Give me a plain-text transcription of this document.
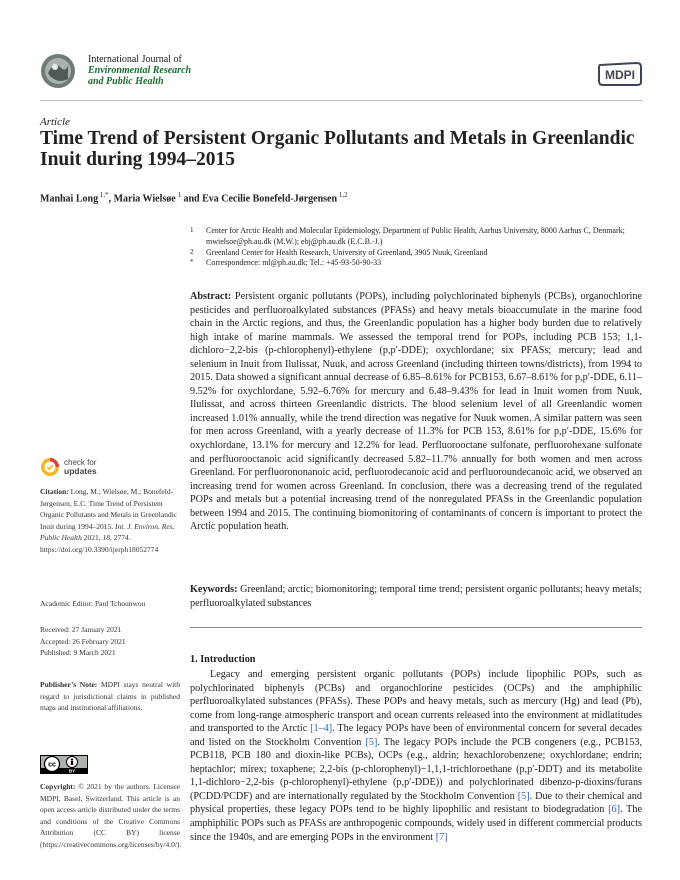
International Journal of
Environmental Research
and Public Health	MDPI
Article
Time Trend of Persistent Organic Pollutants and Metals in Greenlandic Inuit during 1994–2015
Manhai Long $^{1,*}$, Maria Wielsøe $^1$ and Eva Cecilie Bonefeld-Jørgensen $^{1,2}$
1 Center for Arctic Health and Molecular Epidemiology, Department of Public Health, Aarhus University, 8000 Aarhus C, Denmark; mwielsoe@ph.au.dk (M.W.); ebj@ph.au.dk (E.C.B.-J.)
2 Greenland Center for Health Research, University of Greenland, 3905 Nuuk, Greenland
* Correspondence: ml@ph.au.dk; Tel.: +45-93-50-90-33

Abstract: Persistent organic pollutants (POPs), including polychlorinated biphenyls (PCBs), organochlorine pesticides and perfluoroalkylated substances (PFASs) and heavy metals bioaccumulate in the marine food chain in the Arctic regions, and thus, the Greenlandic population has a higher body burden due to relatively high intake of marine mammals. We assessed the temporal trend for POPs, including PCB 153; 1,1-dichloro−2,2-bis (p-chlorophenyl)-ethylene (p,p′-DDE); oxychlordane; six PFASs; mercury; lead and selenium in Inuit from Ilulissat, Nuuk, and across Greenland (including thirteen towns/districts), from 1994 to 2015. Data showed a significant annual decrease of 6.85–8.61% for PCB153, 6.67–8.61% for p,p′-DDE, 6.11–9.52% for oxychlordane, 5.92–6.76% for mercury and 6.48–9.43% for lead in Inuit women from Nuuk, Ilulissat, and across thirteen Greenlandic districts. The blood selenium level of all Greenlandic women increased 1.01% annually, while the trend direction was negative for Nuuk women. A similar pattern was seen for men across Greenland, with a yearly decrease of 11.3% for PCB 153, 8.61% for p,p′-DDE, 15.6% for oxychlordane, 13.1% for mercury and 12.2% for lead. Perfluorooctane sulfonate, perfluorohexane sulfonate and perfluorooctanoic acid significantly decreased 5.82–11.7% annually for both women and men across Greenland. For perfluorononanoic acid, perfluorodecanoic acid and perfluoroundecanoic acid, we observed an increasing trend for women across Greenland. In conclusion, there was a decreasing trend of the regulated POPs and metals but a potential increasing trend of the nonregulated PFASs in the Greenlandic population between 1994 and 2015. The continuing biomonitoring of contaminants of concern is important to protect the Arctic population heath.

Keywords: Greenland; arctic; biomonitoring; temporal time trend; persistent organic pollutants; heavy metals; perfluoroalkylated substances

1. Introduction

Legacy and emerging persistent organic pollutants (POPs) include lipophilic POPs, such as polychlorinated biphenyls (PCBs) and organochlorine pesticides (OCPs) and the amphiphilic perfluoroalkylated substances (PFASs). These POPs and heavy metals, such as mercury (Hg) and lead (Pb), come from long-range atmospheric transport and ocean currents released into the environment at midlatitudes and transported to the Arctic [1–4]. The legacy POPs have been of environmental concern for several decades and listed on the Stockholm Convention [5]. The legacy POPs include the PCB congeners (e.g., PCB153, PCB118, PCB 180 and dioxin-like PCBs), OCPs (e.g., aldrin; hexachlorobenzene; oxychlordane; endrin; heptachlor; mirex; toxaphene; 2,2-bis (p-chlorophenyl)−1,1,1-trichloroethane (p,p′-DDT) and its metabolite 1,1-dichloro−2,2-bis (p-chlorophenyl)-ethylene (p,p′-DDE)) and polychlorinated dibenzo-p-dioxins/furans (PCDD/PCDF) and are internationally regulated by the Stockholm Convention [5]. Due to their chemical and physical properties, these legacy POPs tend to be highly lipophilic and resistant to biodegradation [6]. The amphiphilic POPs such as PFASs are anthropogenic compounds, widely used in different commercial products since the 1940s, and are emerging POPs in the environment [7]

check for
updates
Citation: Long, M.; Wielsøe, M.; Bonefeld-Jørgensen, E.C. Time Trend of Persistent Organic Pollutants and Metals in Greenlandic Inuit during 1994–2015. Int. J. Environ. Res. Public Health 2021, 18, 2774. https://doi.org/10.3390/ijerph18052774
Academic Editor: Paul Tchounwou
Received: 27 January 2021
Accepted: 26 February 2021
Published: 9 March 2021
Publisher’s Note: MDPI stays neutral with regard to jurisdictional claims in published maps and institutional affiliations.
cc
BY
Copyright: © 2021 by the authors. Licensee MDPI, Basel, Switzerland. This article is an open access article distributed under the terms and conditions of the Creative Commons Attribution (CC BY) license (https://creativecommons.org/licenses/by/4.0/).
